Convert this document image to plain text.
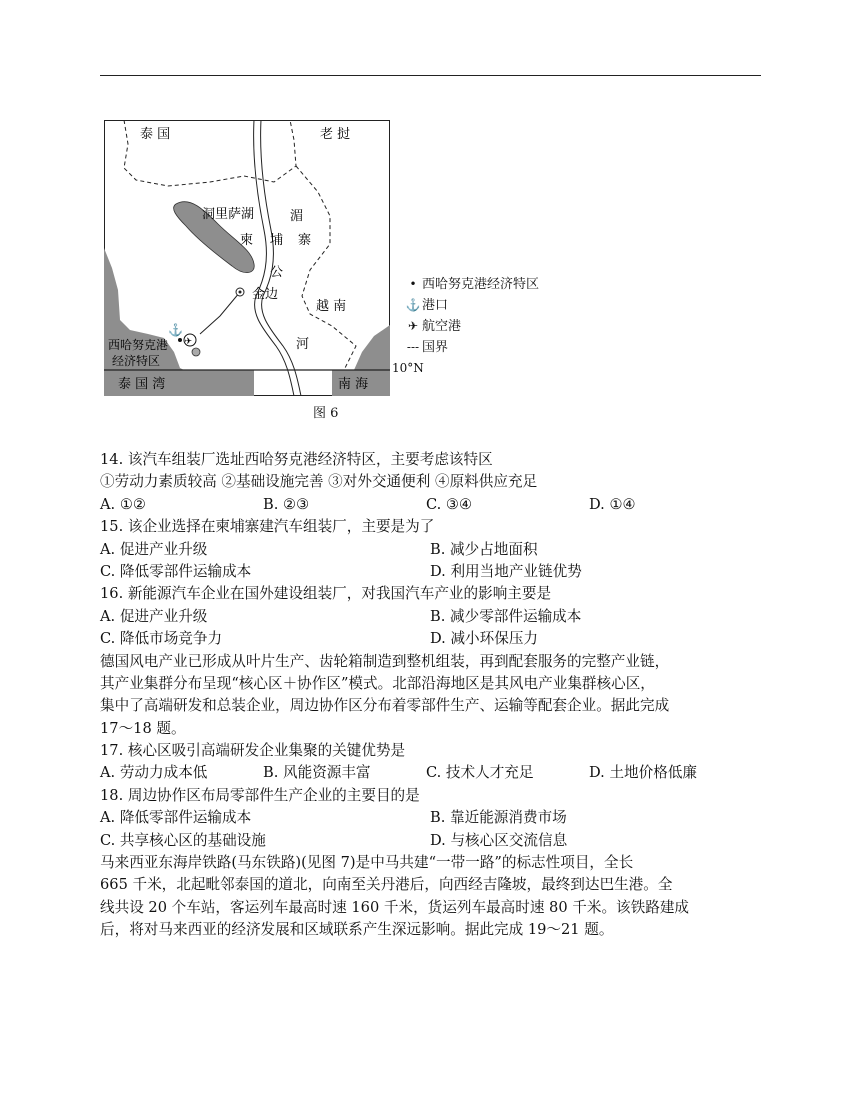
⚓
✈
泰 国	老 挝
洞里萨湖	湄
柬 埔 寨
公
金边
越 南
河
西哈努克港
经济特区
泰 国 湾	南 海
10°N
• 西哈努克港经济特区
⚓ 港口
✈ 航空港
--- 国界
图 6
14. 该汽车组装厂选址西哈努克港经济特区，主要考虑该特区
①劳动力素质较高 ②基础设施完善 ③对外交通便利 ④原料供应充足
A. ①②	B. ②③	C. ③④	D. ①④
15. 该企业选择在柬埔寨建汽车组装厂，主要是为了
A. 促进产业升级	B. 减少占地面积
C. 降低零部件运输成本	D. 利用当地产业链优势
16. 新能源汽车企业在国外建设组装厂，对我国汽车产业的影响主要是
A. 促进产业升级	B. 减少零部件运输成本
C. 降低市场竞争力	D. 减小环保压力
德国风电产业已形成从叶片生产、齿轮箱制造到整机组装，再到配套服务的完整产业链，
其产业集群分布呈现“核心区＋协作区”模式。北部沿海地区是其风电产业集群核心区，
集中了高端研发和总装企业，周边协作区分布着零部件生产、运输等配套企业。据此完成
17～18 题。
17. 核心区吸引高端研发企业集聚的关键优势是
A. 劳动力成本低	B. 风能资源丰富	C. 技术人才充足	D. 土地价格低廉
18. 周边协作区布局零部件生产企业的主要目的是
A. 降低零部件运输成本	B. 靠近能源消费市场
C. 共享核心区的基础设施	D. 与核心区交流信息
马来西亚东海岸铁路(马东铁路)(见图 7)是中马共建“一带一路”的标志性项目，全长
665 千米，北起毗邻泰国的道北，向南至关丹港后，向西经吉隆坡，最终到达巴生港。全
线共设 20 个车站，客运列车最高时速 160 千米，货运列车最高时速 80 千米。该铁路建成
后，将对马来西亚的经济发展和区域联系产生深远影响。据此完成 19～21 题。
